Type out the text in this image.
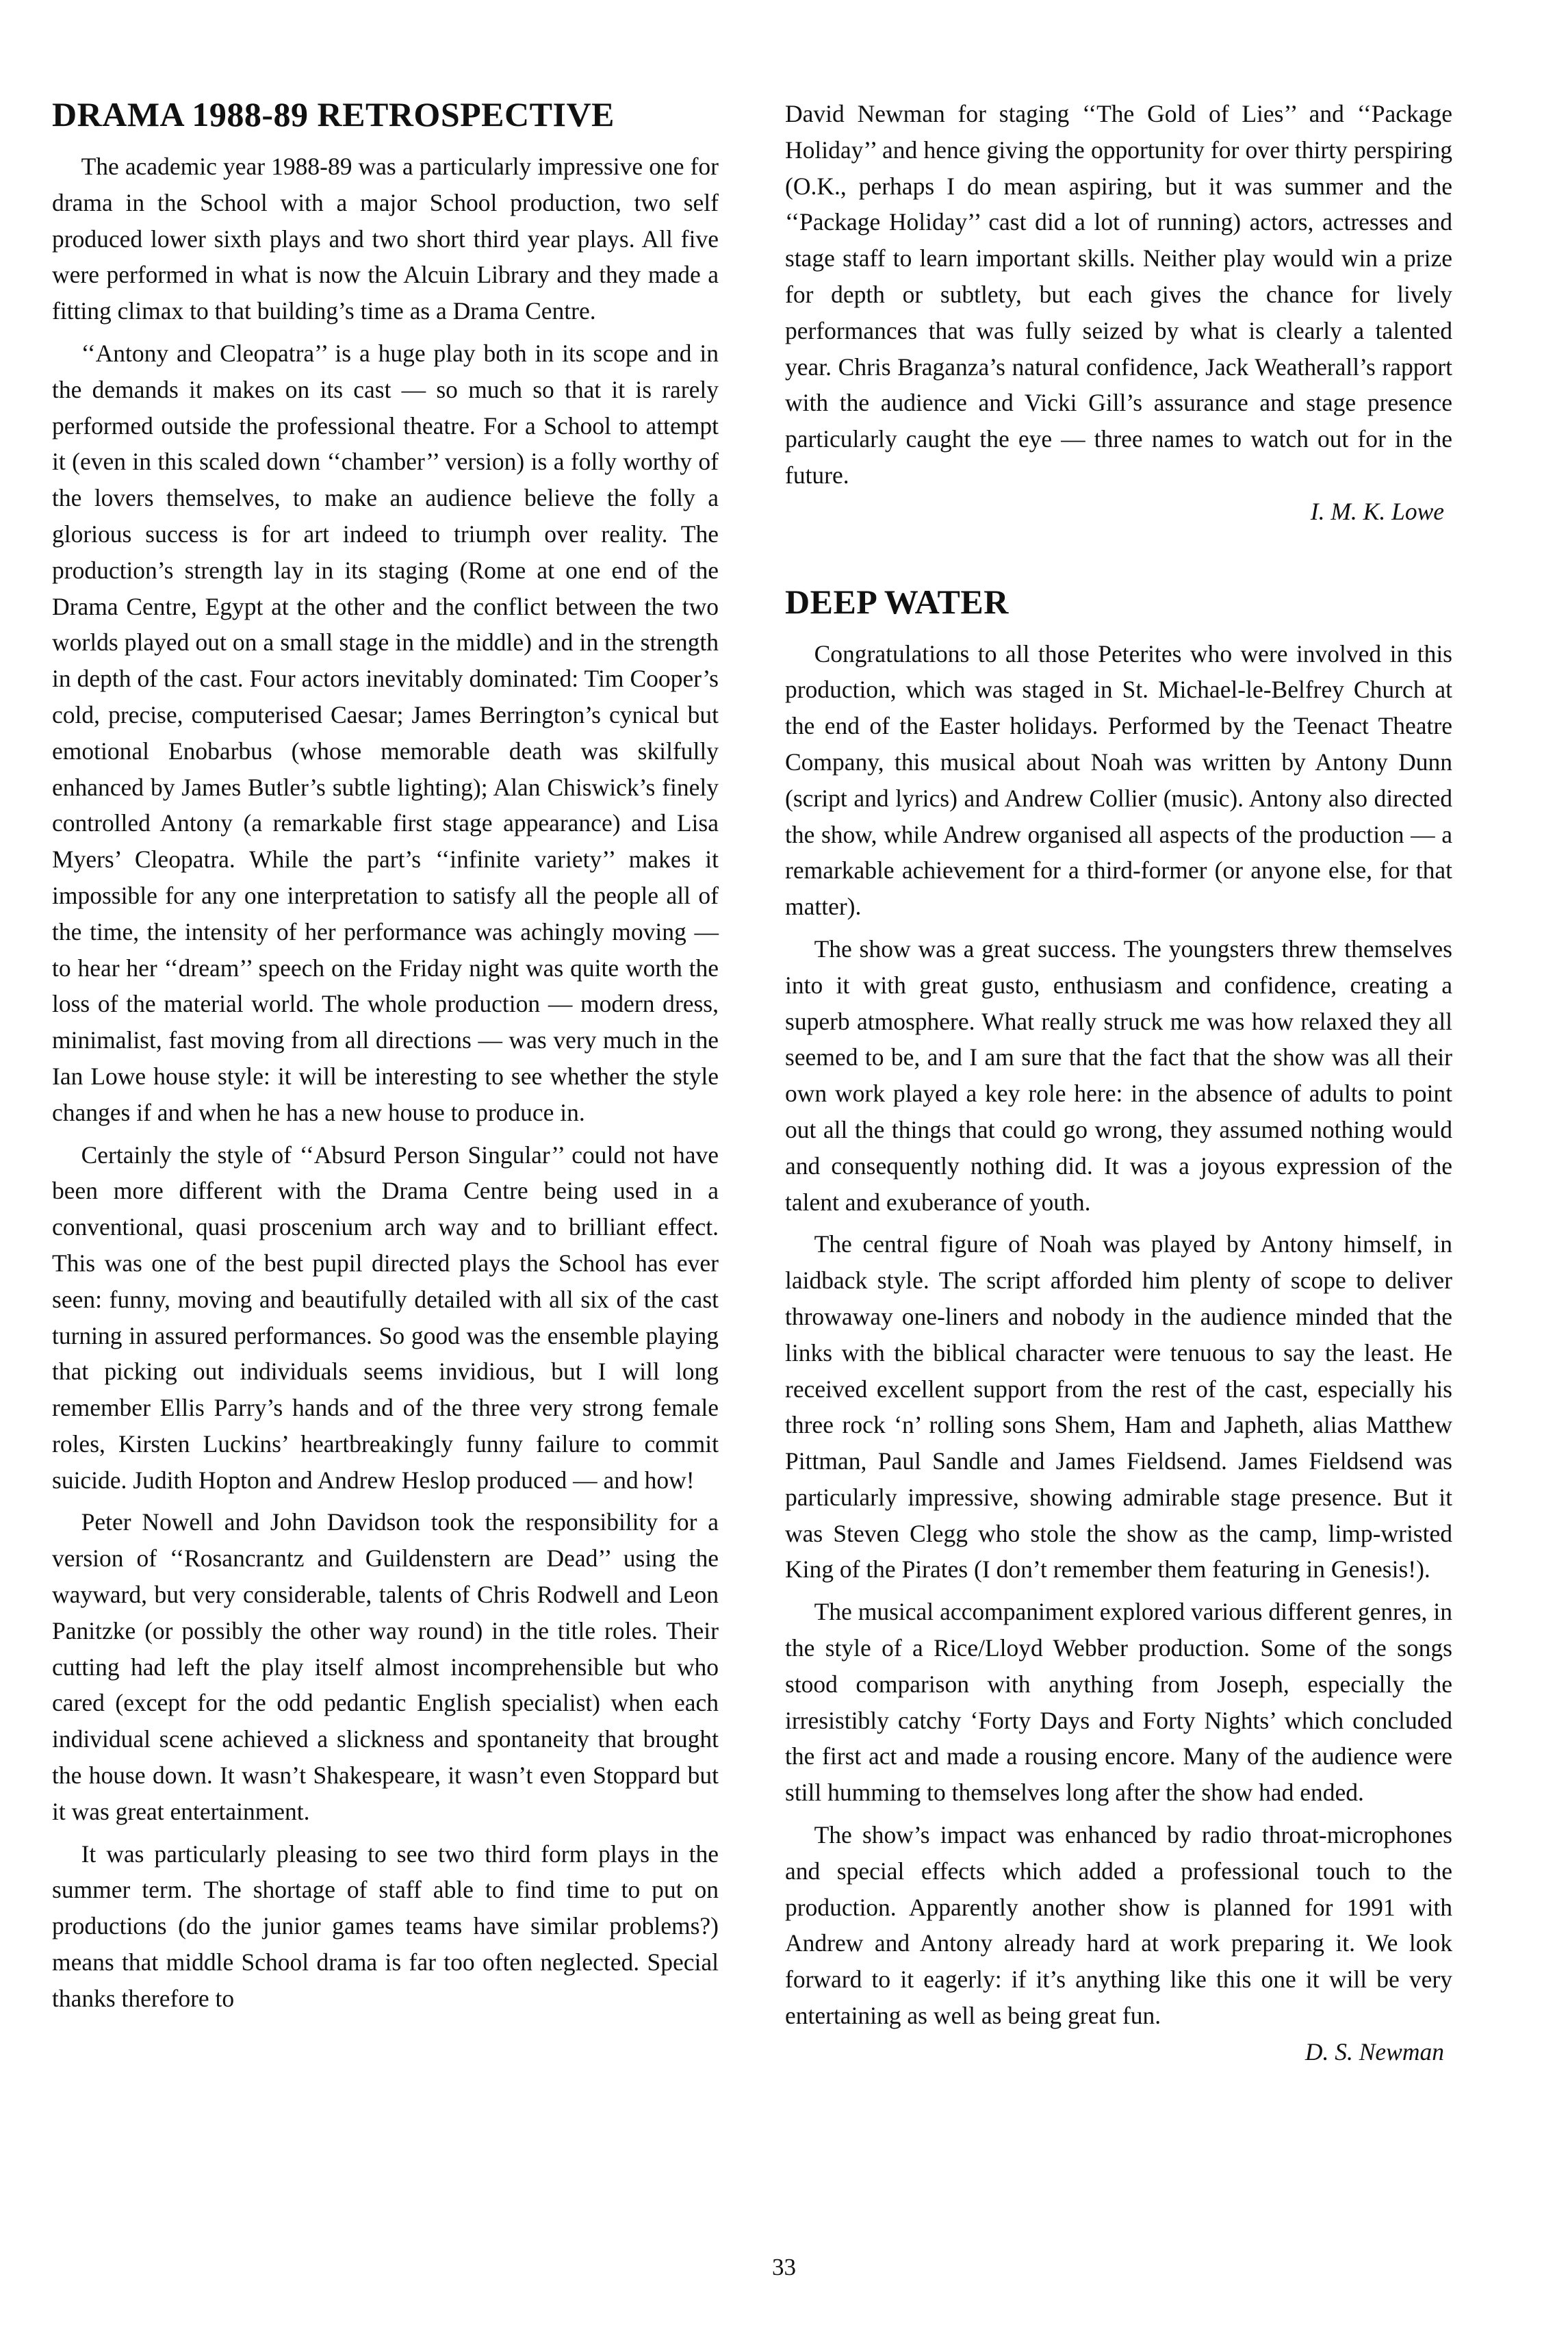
DRAMA 1988-89 RETROSPECTIVE

The academic year 1988-89 was a particularly impressive one for drama in the School with a major School production, two self produced lower sixth plays and two short third year plays. All five were performed in what is now the Alcuin Library and they made a fitting climax to that building’s time as a Drama Centre.

‘‘Antony and Cleopatra’’ is a huge play both in its scope and in the demands it makes on its cast — so much so that it is rarely performed outside the professional theatre. For a School to attempt it (even in this scaled down ‘‘chamber’’ version) is a folly worthy of the lovers themselves, to make an audience believe the folly a glorious success is for art indeed to triumph over reality. The production’s strength lay in its staging (Rome at one end of the Drama Centre, Egypt at the other and the conflict between the two worlds played out on a small stage in the middle) and in the strength in depth of the cast. Four actors inevitably dominated: Tim Cooper’s cold, precise, computerised Caesar; James Berrington’s cynical but emotional Enobarbus (whose memorable death was skilfully enhanced by James Butler’s subtle lighting); Alan Chiswick’s finely controlled Antony (a remarkable first stage appearance) and Lisa Myers’ Cleopatra. While the part’s ‘‘infinite variety’’ makes it impossible for any one interpretation to satisfy all the people all of the time, the intensity of her performance was achingly moving — to hear her ‘‘dream’’ speech on the Friday night was quite worth the loss of the material world. The whole production — modern dress, minimalist, fast moving from all directions — was very much in the Ian Lowe house style: it will be interesting to see whether the style changes if and when he has a new house to produce in.

Certainly the style of ‘‘Absurd Person Singular’’ could not have been more different with the Drama Centre being used in a conventional, quasi proscenium arch way and to brilliant effect. This was one of the best pupil directed plays the School has ever seen: funny, moving and beautifully detailed with all six of the cast turning in assured performances. So good was the ensemble playing that picking out individuals seems invidious, but I will long remember Ellis Parry’s hands and of the three very strong female roles, Kirsten Luckins’ heartbreakingly funny failure to commit suicide. Judith Hopton and Andrew Heslop produced — and how!

Peter Nowell and John Davidson took the responsibility for a version of ‘‘Rosancrantz and Guildenstern are Dead’’ using the wayward, but very considerable, talents of Chris Rodwell and Leon Panitzke (or possibly the other way round) in the title roles. Their cutting had left the play itself almost incomprehensible but who cared (except for the odd pedantic English specialist) when each individual scene achieved a slickness and spontaneity that brought the house down. It wasn’t Shakespeare, it wasn’t even Stoppard but it was great entertainment.

It was particularly pleasing to see two third form plays in the summer term. The shortage of staff able to find time to put on productions (do the junior games teams have similar problems?) means that middle School drama is far too often neglected. Special thanks therefore to

David Newman for staging ‘‘The Gold of Lies’’ and ‘‘Package Holiday’’ and hence giving the opportunity for over thirty perspiring (O.K., perhaps I do mean aspiring, but it was summer and the ‘‘Package Holiday’’ cast did a lot of running) actors, actresses and stage staff to learn important skills. Neither play would win a prize for depth or subtlety, but each gives the chance for lively performances that was fully seized by what is clearly a talented year. Chris Braganza’s natural confidence, Jack Weatherall’s rapport with the audience and Vicki Gill’s assurance and stage presence particularly caught the eye — three names to watch out for in the future.

I. M. K. Lowe
DEEP WATER

Congratulations to all those Peterites who were involved in this production, which was staged in St. Michael-le-Belfrey Church at the end of the Easter holidays. Performed by the Teenact Theatre Company, this musical about Noah was written by Antony Dunn (script and lyrics) and Andrew Collier (music). Antony also directed the show, while Andrew organised all aspects of the production — a remarkable achievement for a third-former (or anyone else, for that matter).

The show was a great success. The youngsters threw themselves into it with great gusto, enthusiasm and confidence, creating a superb atmosphere. What really struck me was how relaxed they all seemed to be, and I am sure that the fact that the show was all their own work played a key role here: in the absence of adults to point out all the things that could go wrong, they assumed nothing would and consequently nothing did. It was a joyous expression of the talent and exuberance of youth.

The central figure of Noah was played by Antony himself, in laidback style. The script afforded him plenty of scope to deliver throwaway one-liners and nobody in the audience minded that the links with the biblical character were tenuous to say the least. He received excellent support from the rest of the cast, especially his three rock ‘n’ rolling sons Shem, Ham and Japheth, alias Matthew Pittman, Paul Sandle and James Fieldsend. James Fieldsend was particularly impressive, showing admirable stage presence. But it was Steven Clegg who stole the show as the camp, limp-wristed King of the Pirates (I don’t remember them featuring in Genesis!).

The musical accompaniment explored various different genres, in the style of a Rice/Lloyd Webber production. Some of the songs stood comparison with anything from Joseph, especially the irresistibly catchy ‘Forty Days and Forty Nights’ which concluded the first act and made a rousing encore. Many of the audience were still humming to themselves long after the show had ended.

The show’s impact was enhanced by radio throat-microphones and special effects which added a professional touch to the production. Apparently another show is planned for 1991 with Andrew and Antony already hard at work preparing it. We look forward to it eagerly: if it’s anything like this one it will be very entertaining as well as being great fun.

D. S. Newman
33
